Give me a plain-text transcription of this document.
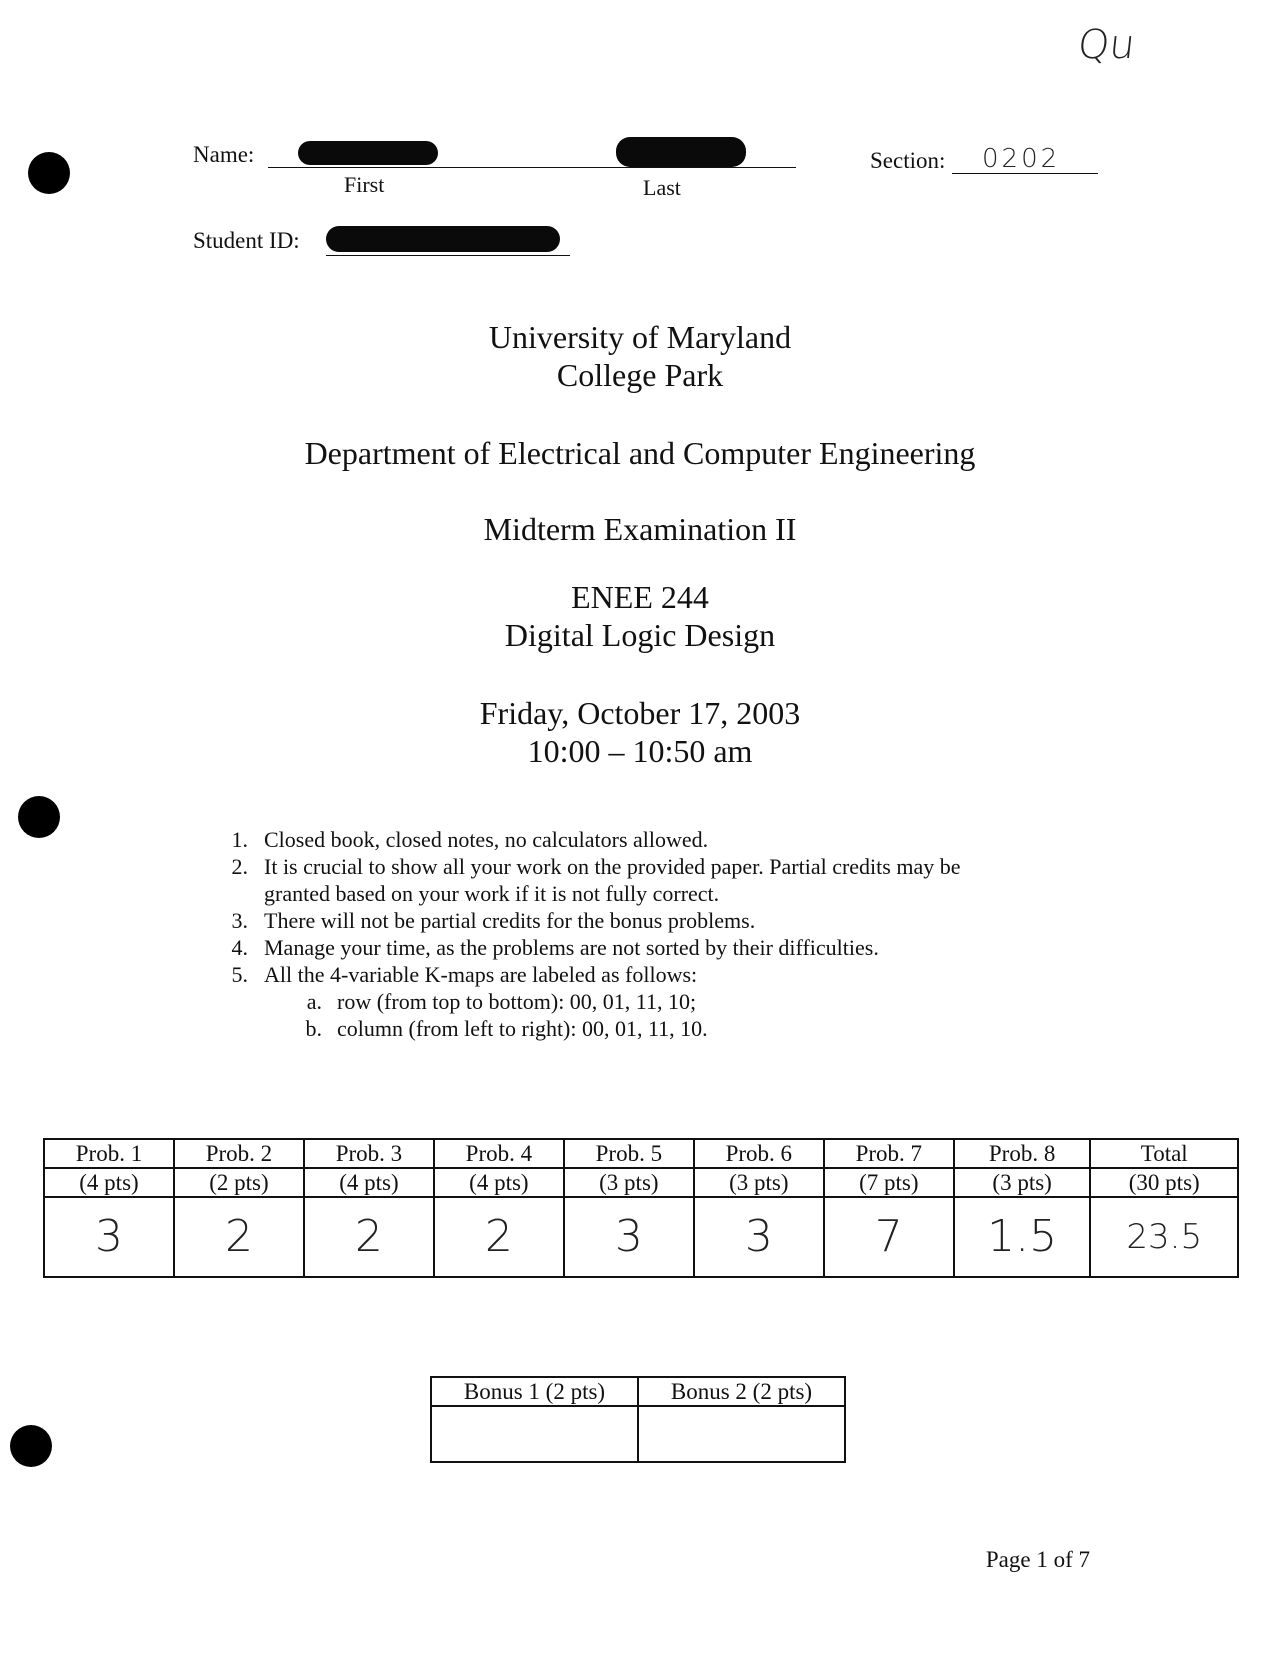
Qu
Name:
First	Last
Section: 0202
Student ID:
University of Maryland
College Park
Department of Electrical and Computer Engineering
Midterm Examination II
ENEE 244
Digital Logic Design
Friday, October 17, 2003
10:00 – 10:50 am
1. Closed book, closed notes, no calculators allowed.
2. It is crucial to show all your work on the provided paper. Partial credits may be
granted based on your work if it is not fully correct.
3. There will not be partial credits for the bonus problems.
4. Manage your time, as the problems are not sorted by their difficulties.
5. All the 4-variable K-maps are labeled as follows:
a. row (from top to bottom): 00, 01, 11, 10;
b. column (from left to right): 00, 01, 11, 10.
Prob. 1	Prob. 2	Prob. 3	Prob. 4	Prob. 5	Prob. 6	Prob. 7	Prob. 8	Total
(4 pts)	(2 pts)	(4 pts)	(4 pts)	(3 pts)	(3 pts)	(7 pts)	(3 pts)	(30 pts)
3	2	2	2	3	3	7	1.5	23.5
Bonus 1 (2 pts)	Bonus 2 (2 pts)

Page 1 of 7
